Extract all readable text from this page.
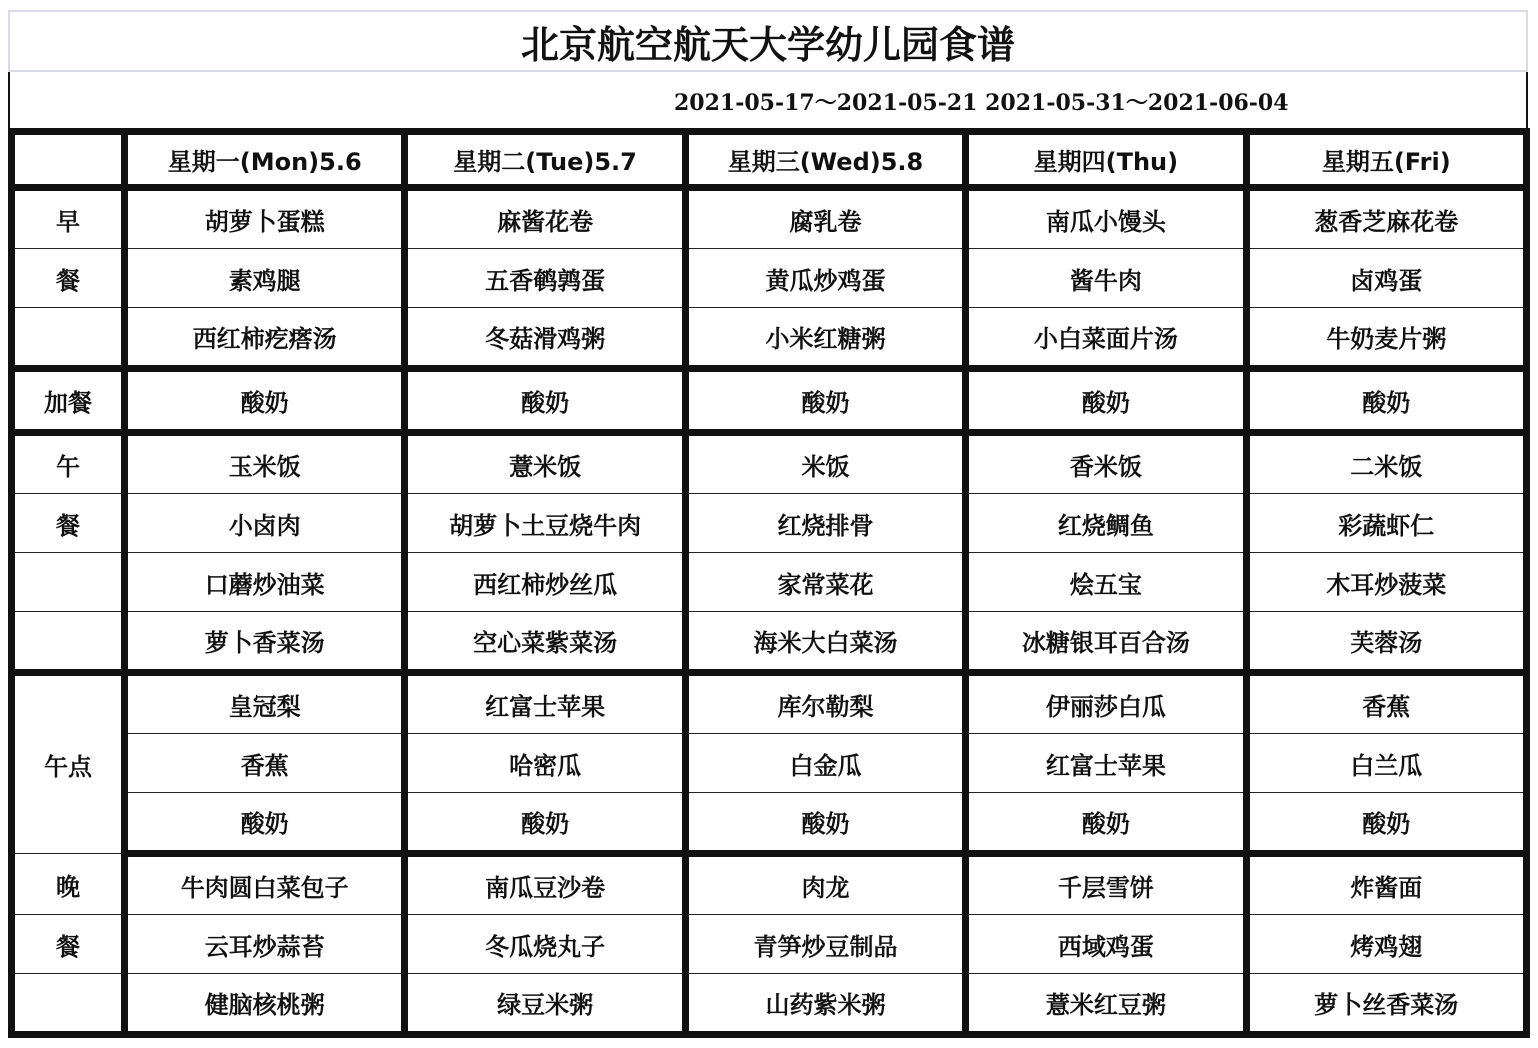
北京航空航天大学幼儿园食谱
2021-05-17～2021-05-21 2021-05-31～2021-06-04
	星期一(Mon)5.6	星期二(Tue)5.7	星期三(Wed)5.8	星期四(Thu)	星期五(Fri)
早	胡萝卜蛋糕	麻酱花卷	腐乳卷	南瓜小馒头	葱香芝麻花卷
餐	素鸡腿	五香鹌鹑蛋	黄瓜炒鸡蛋	酱牛肉	卤鸡蛋
	西红柿疙瘩汤	冬菇滑鸡粥	小米红糖粥	小白菜面片汤	牛奶麦片粥
加餐	酸奶	酸奶	酸奶	酸奶	酸奶
午	玉米饭	薏米饭	米饭	香米饭	二米饭
餐	小卤肉	胡萝卜土豆烧牛肉	红烧排骨	红烧鲷鱼	彩蔬虾仁
	口蘑炒油菜	西红柿炒丝瓜	家常菜花	烩五宝	木耳炒菠菜
	萝卜香菜汤	空心菜紫菜汤	海米大白菜汤	冰糖银耳百合汤	芙蓉汤
午点	皇冠梨	红富士苹果	库尔勒梨	伊丽莎白瓜	香蕉
	香蕉	哈密瓜	白金瓜	红富士苹果	白兰瓜
	酸奶	酸奶	酸奶	酸奶	酸奶
晚	牛肉圆白菜包子	南瓜豆沙卷	肉龙	千层雪饼	炸酱面
餐	云耳炒蒜苔	冬瓜烧丸子	青笋炒豆制品	西域鸡蛋	烤鸡翅
	健脑核桃粥	绿豆米粥	山药紫米粥	薏米红豆粥	萝卜丝香菜汤
